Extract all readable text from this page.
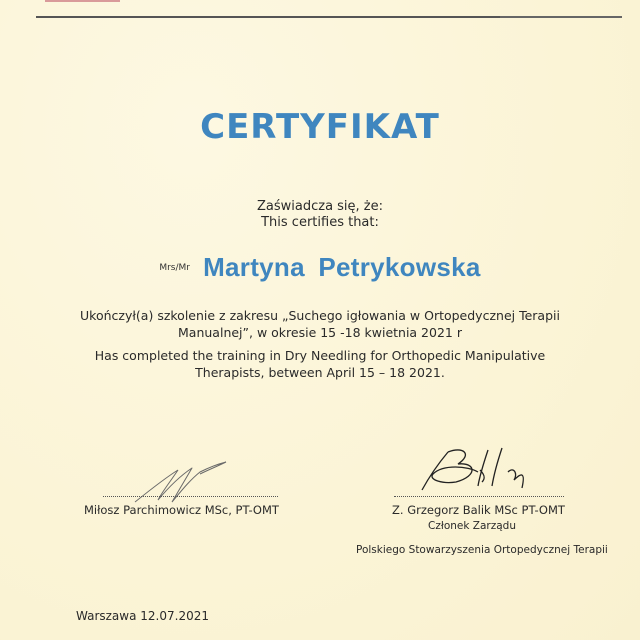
CERTYFIKAT
Zaświadcza się, że:
This certifies that:
Mrs/Mr Martyna Petrykowska
Ukończył(a) szkolenie z zakresu „Suchego igłowania w Ortopedycznej Terapii
Manualnej”, w okresie 15 -18 kwietnia 2021 r
Has completed the training in Dry Needling for Orthopedic Manipulative
Therapists, between April 15 – 18 2021.
Miłosz Parchimowicz MSc, PT-OMT	Z. Grzegorz Balik MSc PT-OMT
Członek Zarządu
Polskiego Stowarzyszenia Ortopedycznej Terapii
Warszawa 12.07.2021
